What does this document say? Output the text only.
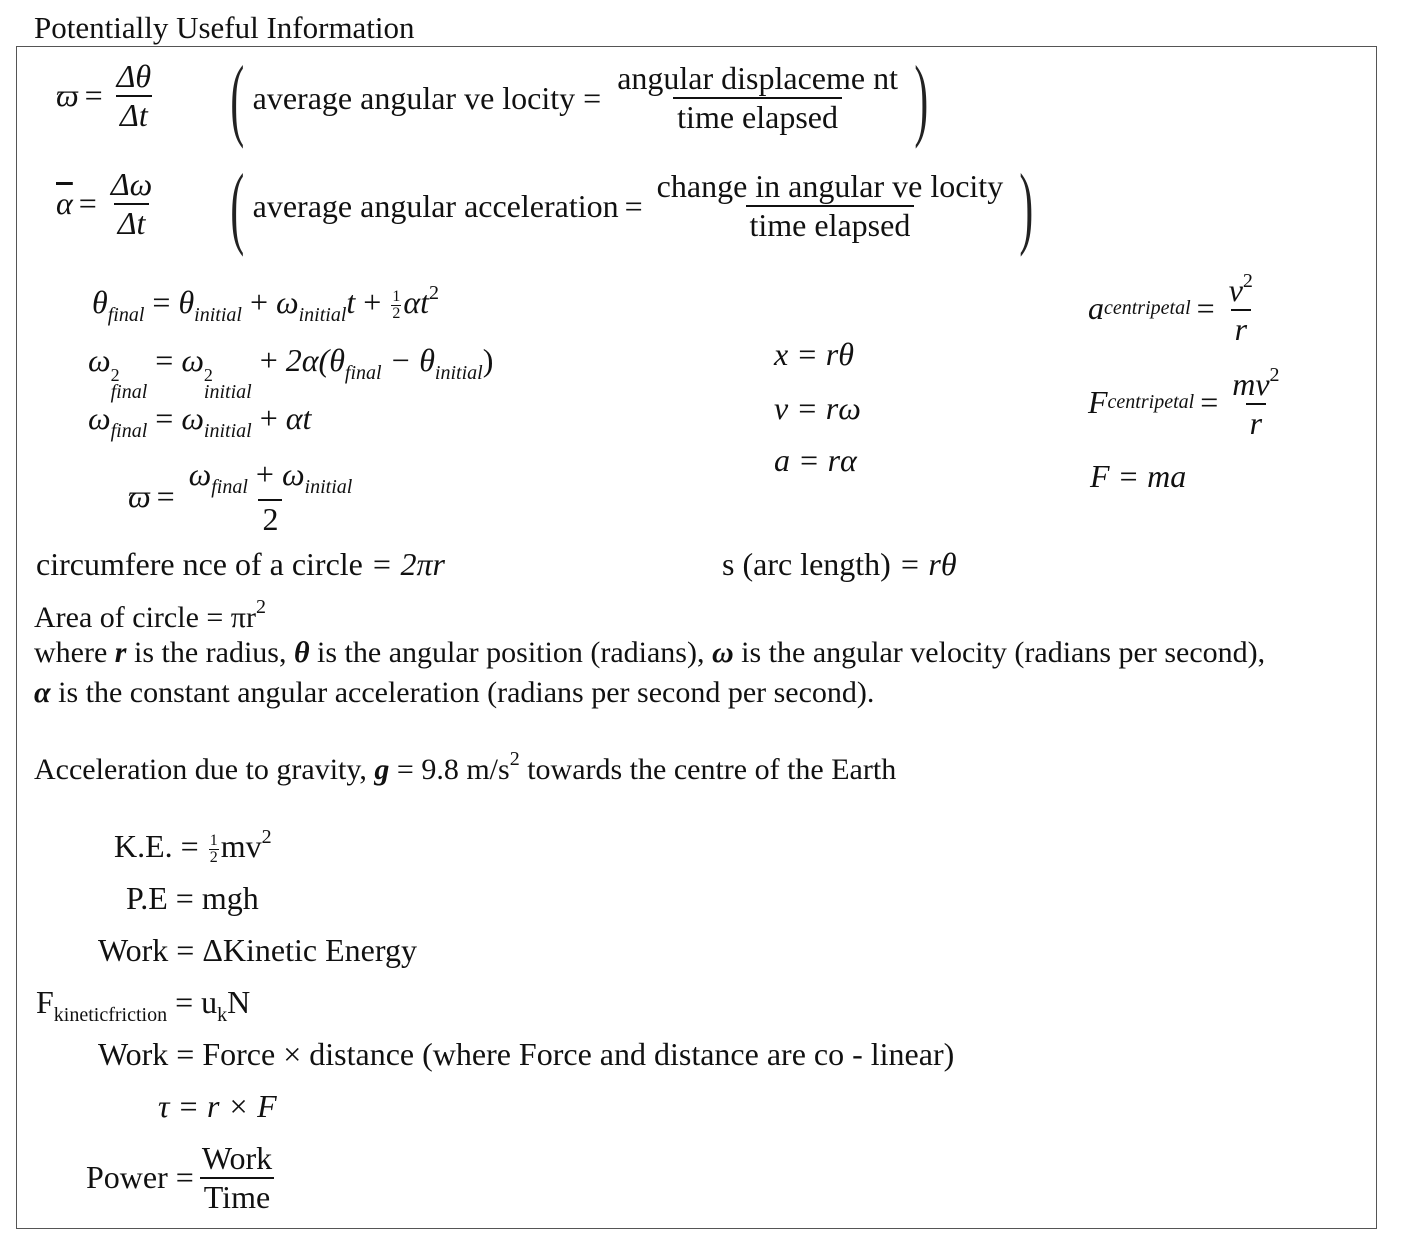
Potentially Useful Information
$ϖ = \frac{\Delta\theta}{\Delta t}$ ( average angular ve locity = $\frac{\text{angular displaceme nt}}{\text{time elapsed}}$ )
$\overline{\alpha} = \frac{\Delta\omega}{\Delta t}$ ( average angular acceleration = $\frac{\text{change in angular ve locity}}{\text{time elapsed}}$ )
$\theta_{final} = \theta_{initial} + \omega_{initial}t + \frac{1}{2} \alpha t^2$
ω 2
final
= ω 2
initial
+ $2\alpha(\theta_{final} - \theta_{initial})$
$\omega_{final} = \omega_{initial} + \alpha t$
$ϖ = \frac{\omega_{final} + \omega_{initial}}{2}$
x = rθ
v = rω
a = rα
a centripetal = $\frac{v^2}{r}$
F centripetal = $\frac{mv^2}{r}$
F = ma
circumfere nce of a circle = 2πr	s (arc length) = rθ
Area of circle = $\pi r^2$
where r is the radius, θ is the angular position (radians), ω is the angular velocity (radians per second),
α is the constant angular acceleration (radians per second per second).
Acceleration due to gravity, g = 9.8 $m/s^2$ towards the centre of the Earth
K.E. = $\frac{1}{2} mv^2$
P.E = mgh
Work = ΔKinetic Energy
$F_{kineticfriction} = u_kN$
Work = Force × distance (where Force and distance are co - linear)
τ = r × F
Power = $\frac{\text{Work}}{\text{Time}}$
